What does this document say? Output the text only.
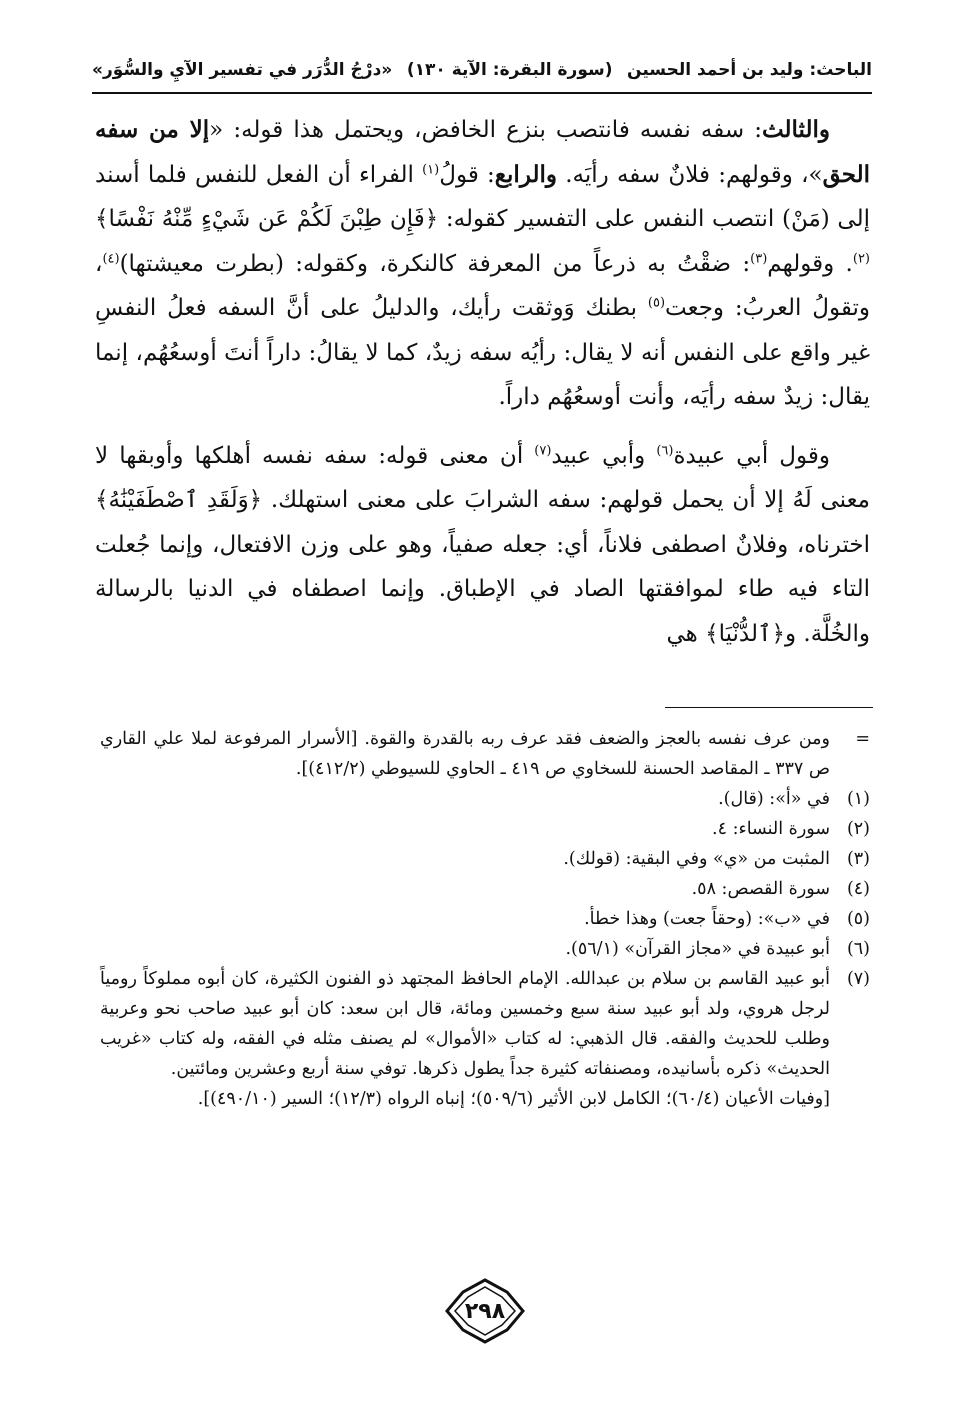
الباحث: وليد بن أحمد الحسين
(سورة البقرة: الآية ١٣٠)
«درْجُ الدُّرَر في تفسير الآيِ والسُّوَر»

والثالث: سفه نفسه فانتصب بنزع الخافض، ويحتمل هذا قوله: «إلا من سفه الحق»، وقولهم: فلانٌ سفه رأيَه. والرابع: قولُ$^{(١)}$ الفراء أن الفعل للنفس فلما أسند إلى (مَنْ) انتصب النفس على التفسير كقوله: ﴿فَإِن طِبْنَ لَكُمْ عَن شَيْءٍ مِّنْهُ نَفْسًا﴾$^{(٢)}$. وقولهم$^{(٣)}$: ضقْتُ به ذرعاً من المعرفة كالنكرة، وكقوله: (بطرت معيشتها)$^{(٤)}$، وتقولُ العربُ: وجعت$^{(٥)}$ بطنك وَوثقت رأيك، والدليلُ على أنَّ السفه فعلُ النفسِ غير واقع على النفس أنه لا يقال: رأيُه سفه زيدٌ، كما لا يقالُ: داراً أنتَ أوسعُهُم، إنما يقال: زيدٌ سفه رأيَه، وأنت أوسعُهُم داراً.

وقول أبي عبيدة$^{(٦)}$ وأبي عبيد$^{(٧)}$ أن معنى قوله: سفه نفسه أهلكها وأوبقها لا معنى لَهُ إلا أن يحمل قولهم: سفه الشرابَ على معنى استهلك. ﴿وَلَقَدِ ٱصْطَفَيْنَٰهُ﴾ اخترناه، وفلانٌ اصطفى فلاناً، أي: جعله صفياً، وهو على وزن الافتعال، وإنما جُعلت التاء فيه طاء لموافقتها الصاد في الإطباق. وإنما اصطفاه في الدنيا بالرسالة والخُلَّة. و﴿ٱلدُّنْيَا﴾ هي

=
ومن عرف نفسه بالعجز والضعف فقد عرف ربه بالقدرة والقوة. [الأسرار المرفوعة لملا علي القاري ص ٣٣٧ ـ المقاصد الحسنة للسخاوي ص ٤١٩ ـ الحاوي للسيوطي (٤١٢/٢)].
(١)
في «أ»: (قال).
(٢)
سورة النساء: ٤.
(٣)
المثبت من «ي» وفي البقية: (قولك).
(٤)
سورة القصص: ٥٨.
(٥)
في «ب»: (وحقاً جعت) وهذا خطأ.
(٦)
أبو عبيدة في «مجاز القرآن» (٥٦/١).
(٧)
أبو عبيد القاسم بن سلام بن عبدالله. الإمام الحافظ المجتهد ذو الفنون الكثيرة، كان أبوه مملوكاً رومياً لرجل هروي، ولد أبو عبيد سنة سبع وخمسين ومائة، قال ابن سعد: كان أبو عبيد صاحب نحو وعربية وطلب للحديث والفقه. قال الذهبي: له كتاب «الأموال» لم يصنف مثله في الفقه، وله كتاب «غريب الحديث» ذكره بأسانيده، ومصنفاته كثيرة جداً يطول ذكرها. توفي سنة أربع وعشرين ومائتين.
[وفيات الأعيان (٦٠/٤)؛ الكامل لابن الأثير (٥٠٩/٦)؛ إنباه الرواه (١٢/٣)؛ السير (٤٩٠/١٠)].
٢٩٨
